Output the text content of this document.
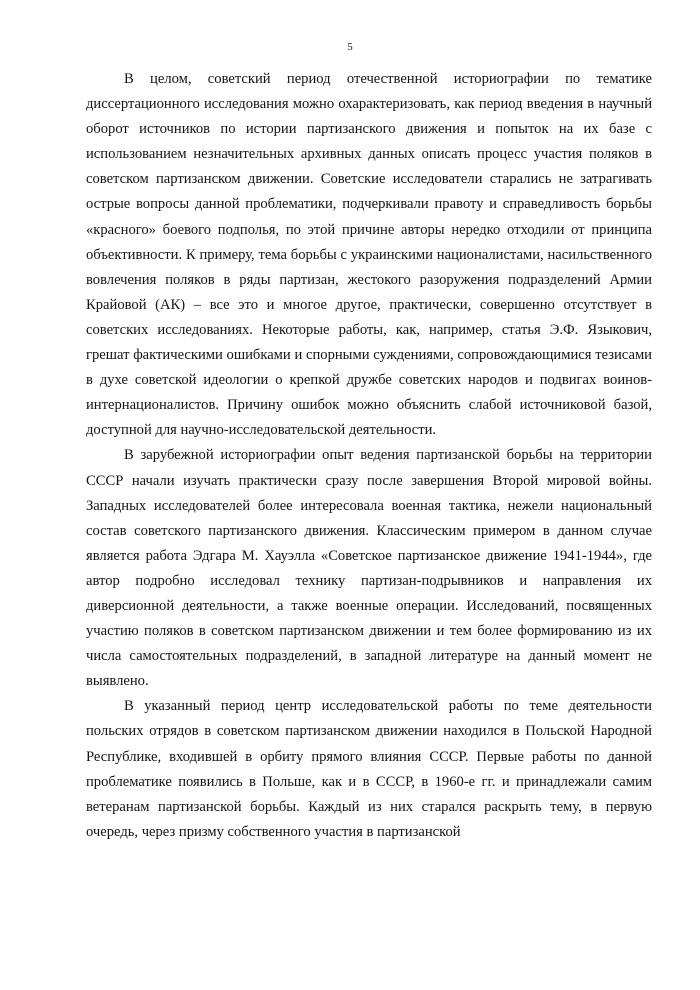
5

В целом, советский период отечественной историографии по тематике диссертационного исследования можно охарактеризовать, как период введения в научный оборот источников по истории партизанского движения и попыток на их базе с использованием незначительных архивных данных описать процесс участия поляков в советском партизанском движении. Советские исследователи старались не затрагивать острые вопросы данной проблематики, подчеркивали правоту и справедливость борьбы «красного» боевого подполья, по этой причине авторы нередко отходили от принципа объективности. К примеру, тема борьбы с украинскими националистами, насильственного вовлечения поляков в ряды партизан, жестокого разоружения подразделений Армии Крайовой (АК) – все это и многое другое, практически, совершенно отсутствует в советских исследованиях. Некоторые работы, как, например, статья Э.Ф. Языкович, грешат фактическими ошибками и спорными суждениями, сопровождающимися тезисами в духе советской идеологии о крепкой дружбе советских народов и подвигах воинов-интернационалистов. Причину ошибок можно объяснить слабой источниковой базой, доступной для научно-исследовательской деятельности.

В зарубежной историографии опыт ведения партизанской борьбы на территории СССР начали изучать практически сразу после завершения Второй мировой войны. Западных исследователей более интересовала военная тактика, нежели национальный состав советского партизанского движения. Классическим примером в данном случае является работа Эдгара М. Хауэлла «Советское партизанское движение 1941-1944», где автор подробно исследовал технику партизан-подрывников и направления их диверсионной деятельности, а также военные операции. Исследований, посвященных участию поляков в советском партизанском движении и тем более формированию из их числа самостоятельных подразделений, в западной литературе на данный момент не выявлено.

В указанный период центр исследовательской работы по теме деятельности польских отрядов в советском партизанском движении находился в Польской Народной Республике, входившей в орбиту прямого влияния СССР. Первые работы по данной проблематике появились в Польше, как и в СССР, в 1960-е гг. и принадлежали самим ветеранам партизанской борьбы. Каждый из них старался раскрыть тему, в первую очередь, через призму собственного участия в партизанской
